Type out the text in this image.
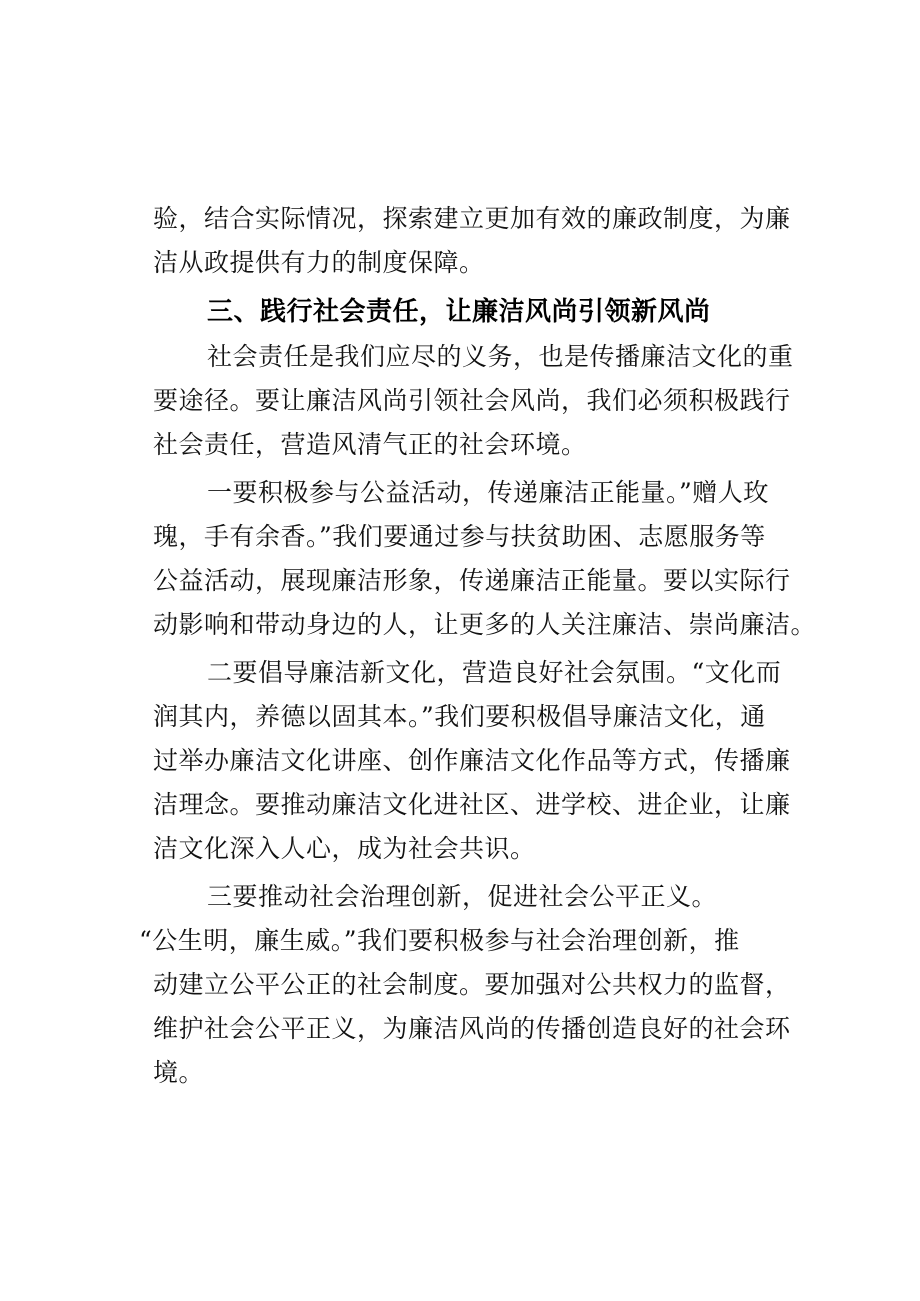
验，结合实际情况，探索建立更加有效的廉政制度，为廉
洁从政提供有力的制度保障。

三、践行社会责任，让廉洁风尚引领新风尚

社会责任是我们应尽的义务，也是传播廉洁文化的重
要途径。要让廉洁风尚引领社会风尚，我们必须积极践行
社会责任，营造风清气正的社会环境。

一要积极参与公益活动，传递廉洁正能量。”赠人玫
瑰，手有余香。”我们要通过参与扶贫助困、志愿服务等
公益活动，展现廉洁形象，传递廉洁正能量。要以实际行
动影响和带动身边的人，让更多的人关注廉洁、崇尚廉洁。

二要倡导廉洁新文化，营造良好社会氛围。“文化而
润其内，养德以固其本。”我们要积极倡导廉洁文化，通
过举办廉洁文化讲座、创作廉洁文化作品等方式，传播廉
洁理念。要推动廉洁文化进社区、进学校、进企业，让廉
洁文化深入人心，成为社会共识。

三要推动社会治理创新，促进社会公平正义。
“公生明，廉生威。”我们要积极参与社会治理创新，推
动建立公平公正的社会制度。要加强对公共权力的监督，
维护社会公平正义，为廉洁风尚的传播创造良好的社会环
境。
